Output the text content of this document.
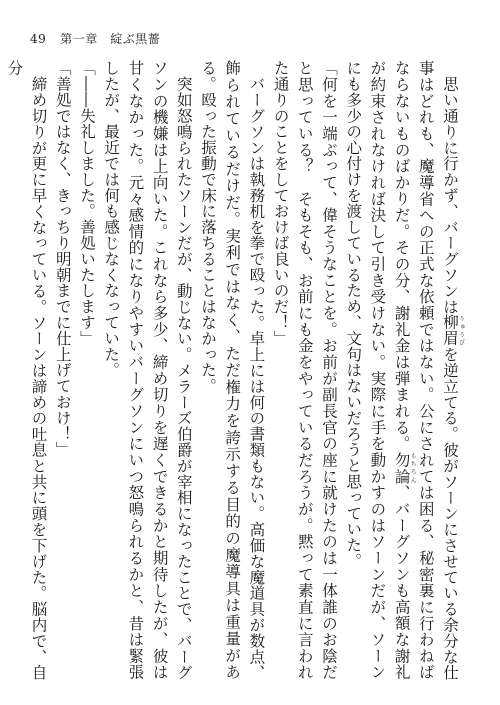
49 第一章　綻ぶ黒薔

思い通りに行かず、バーグソンは柳眉りゅうびを逆立てる。彼がソーンにさせている余分な仕事はどれも、魔導省への正式な依頼ではない。公にされては困る、秘密裏に行わねばならないものばかりだ。その分、謝礼金は弾まれる。勿論もちろん、バーグソンも高額な謝礼が約束されなければ決して引き受けない。実際に手を動かすのはソーンだが、ソーンにも多少の心付けを渡しているため、文句はないだろうと思っていた。

「何を一端ぶって、偉そうなことを。お前が副長官の座に就けたのは一体誰のお陰だと思っている？　そもそも、お前にも金をやっているだろうが。黙って素直に言われた通りのことをしておけば良いのだ！」

バーグソンは執務机を拳で殴った。卓上には何の書類もない。高価な魔道具が数点、飾られているだけだ。実利ではなく、ただ権力を誇示する目的の魔導具は重量がある。殴った振動で床に落ちることはなかった。

突如怒鳴られたソーンだが、動じない。メラーズ伯爵が宰相になったことで、バーグソンの機嫌は上向いた。これなら多少、締め切りを遅くできるかと期待したが、彼は甘くなかった。元々感情的になりやすいバーグソンにいつ怒鳴られるかと、昔は緊張したが、最近では何も感じなくなっていた。

「――失礼しました。善処いたします」

「善処ではなく、きっちり明朝までに仕上げておけ！」

締め切りが更に早くなっている。ソーンは諦めの吐息と共に頭を下げた。脳内で、自分
